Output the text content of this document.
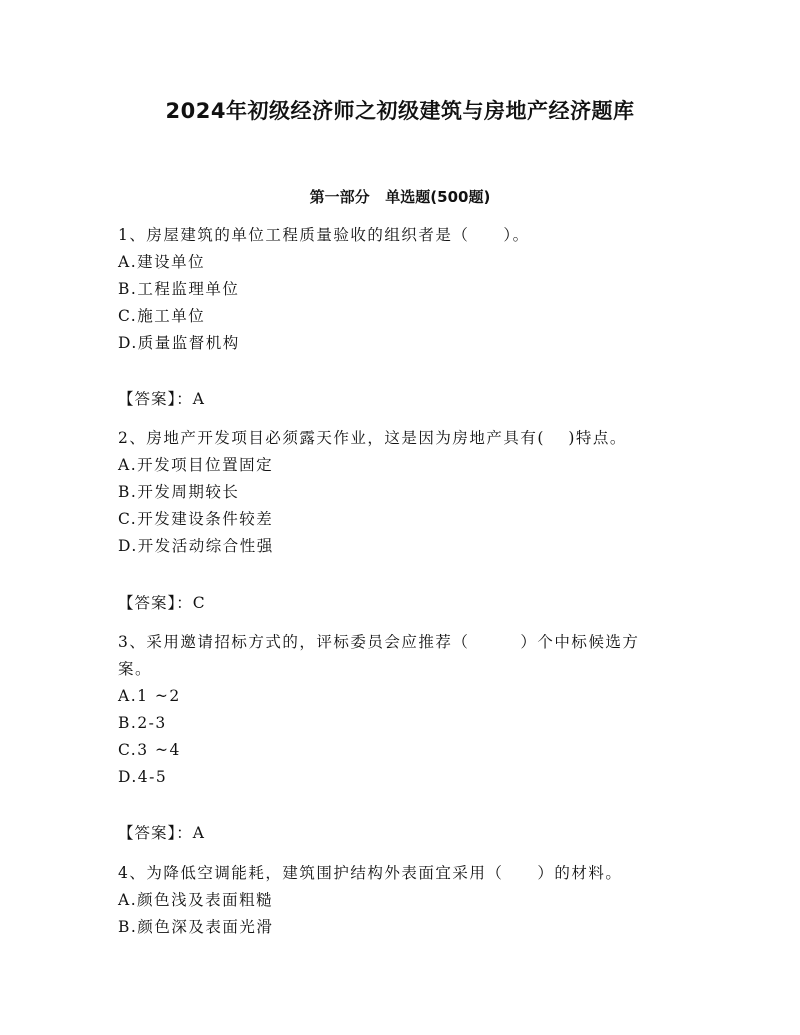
2024年初级经济师之初级建筑与房地产经济题库
第一部分   单选题(500题)
1、房屋建筑的单位工程质量验收的组织者是（　　）。
A.建设单位
B.工程监理单位
C.施工单位
D.质量监督机构
【答案】：A
2、房地产开发项目必须露天作业，这是因为房地产具有(　 )特点。
A.开发项目位置固定
B.开发周期较长
C.开发建设条件较差
D.开发活动综合性强
【答案】：C
3、采用邀请招标方式的，评标委员会应推荐（　　　）个中标候选方
案。
A.1 ~2
B.2-3
C.3 ~4
D.4-5
【答案】：A
4、为降低空调能耗，建筑围护结构外表面宜采用（　　）的材料。
A.颜色浅及表面粗糙
B.颜色深及表面光滑
